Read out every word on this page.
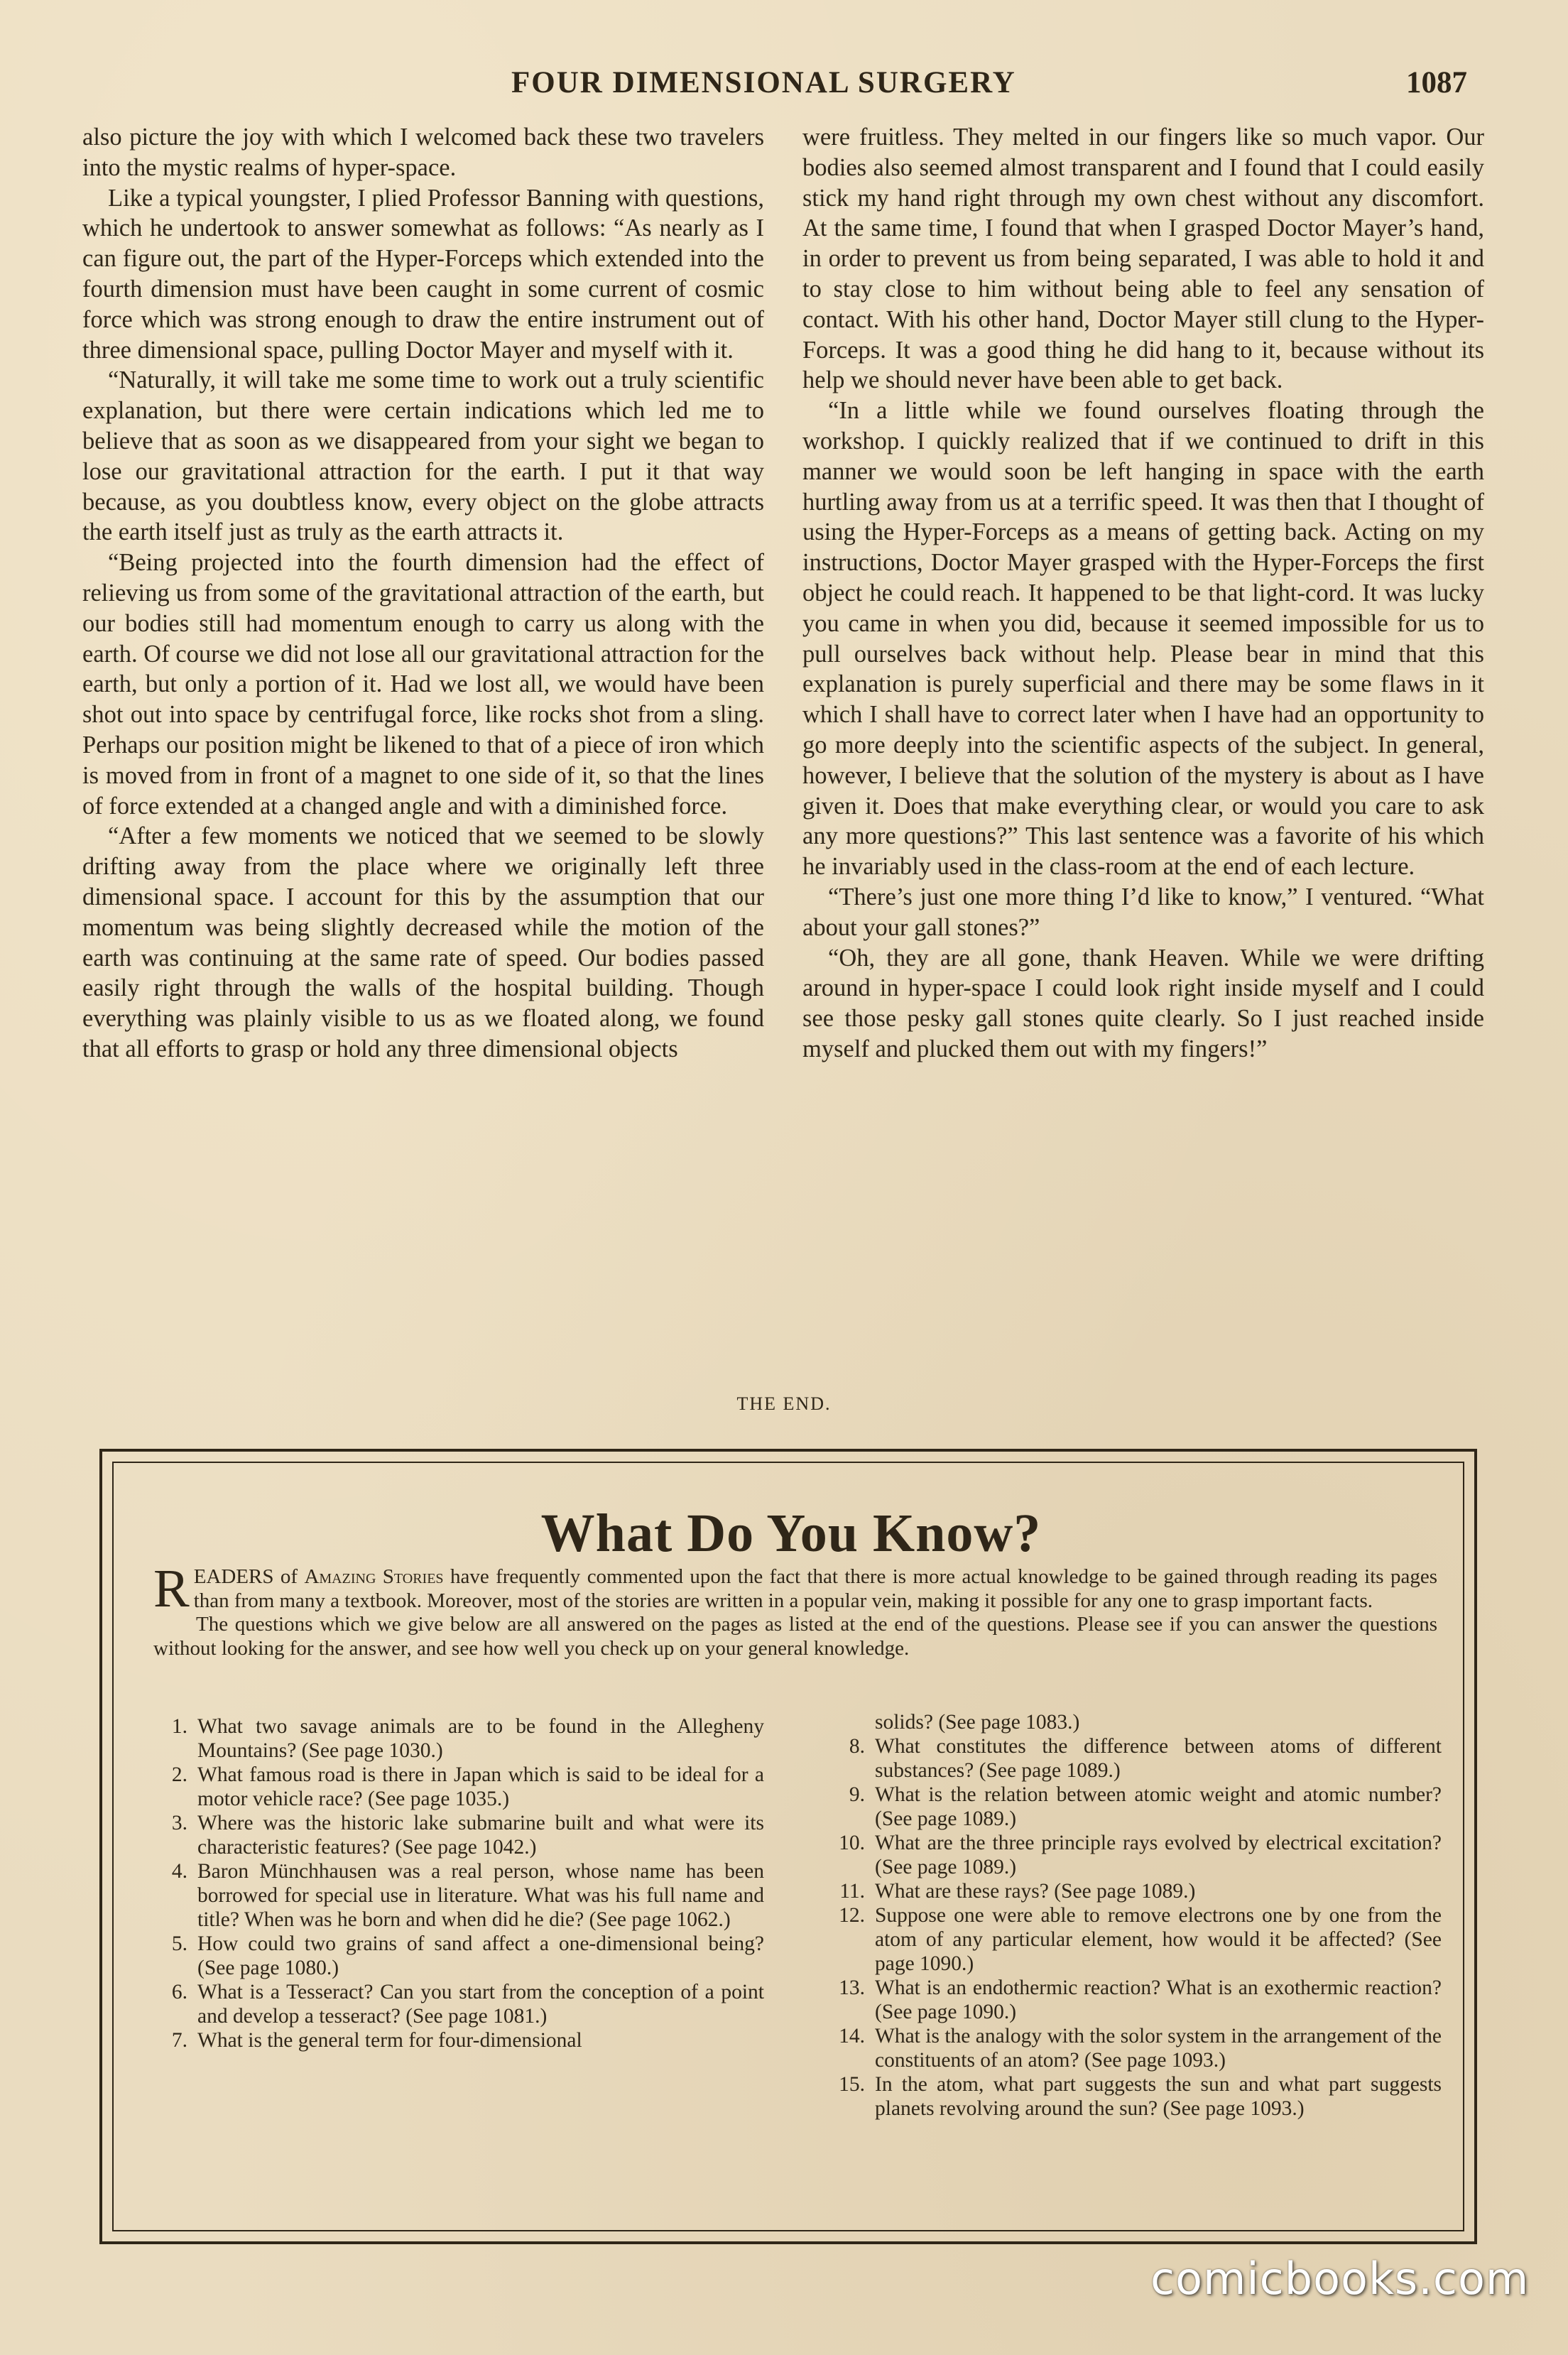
FOUR DIMENSIONAL SURGERY	1087

also picture the joy with which I welcomed back these two travelers into the mystic realms of hyper-space.

Like a typical youngster, I plied Professor Banning with questions, which he undertook to answer somewhat as follows: “As nearly as I can figure out, the part of the Hyper-Forceps which extended into the fourth dimension must have been caught in some current of cosmic force which was strong enough to draw the entire instrument out of three dimensional space, pulling Doctor Mayer and myself with it.

“Naturally, it will take me some time to work out a truly scientific explanation, but there were certain indications which led me to believe that as soon as we disappeared from your sight we began to lose our gravitational attraction for the earth. I put it that way because, as you doubtless know, every object on the globe attracts the earth itself just as truly as the earth attracts it.

“Being projected into the fourth dimension had the effect of relieving us from some of the gravitational attraction of the earth, but our bodies still had momentum enough to carry us along with the earth. Of course we did not lose all our gravitational attraction for the earth, but only a portion of it. Had we lost all, we would have been shot out into space by centrifugal force, like rocks shot from a sling. Perhaps our position might be likened to that of a piece of iron which is moved from in front of a magnet to one side of it, so that the lines of force extended at a changed angle and with a diminished force.

“After a few moments we noticed that we seemed to be slowly drifting away from the place where we originally left three dimensional space. I account for this by the assumption that our momentum was being slightly decreased while the motion of the earth was continuing at the same rate of speed. Our bodies passed easily right through the walls of the hospital building. Though everything was plainly visible to us as we floated along, we found that all efforts to grasp or hold any three dimensional objects

were fruitless. They melted in our fingers like so much vapor. Our bodies also seemed almost transparent and I found that I could easily stick my hand right through my own chest without any discomfort. At the same time, I found that when I grasped Doctor Mayer’s hand, in order to prevent us from being separated, I was able to hold it and to stay close to him without being able to feel any sensation of contact. With his other hand, Doctor Mayer still clung to the Hyper-Forceps. It was a good thing he did hang to it, because without its help we should never have been able to get back.

“In a little while we found ourselves floating through the workshop. I quickly realized that if we continued to drift in this manner we would soon be left hanging in space with the earth hurtling away from us at a terrific speed. It was then that I thought of using the Hyper-Forceps as a means of getting back. Acting on my instructions, Doctor Mayer grasped with the Hyper-Forceps the first object he could reach. It happened to be that light-cord. It was lucky you came in when you did, because it seemed impossible for us to pull ourselves back without help. Please bear in mind that this explanation is purely superficial and there may be some flaws in it which I shall have to correct later when I have had an opportunity to go more deeply into the scientific aspects of the subject. In general, however, I believe that the solution of the mystery is about as I have given it. Does that make everything clear, or would you care to ask any more questions?” This last sentence was a favorite of his which he invariably used in the class-room at the end of each lecture.

“There’s just one more thing I’d like to know,” I ventured. “What about your gall stones?”

“Oh, they are all gone, thank Heaven. While we were drifting around in hyper-space I could look right inside myself and I could see those pesky gall stones quite clearly. So I just reached inside myself and plucked them out with my fingers!”

THE END.
What Do You Know?

READERS of Amazing Stories have frequently commented upon the fact that there is more actual knowledge to be gained through reading its pages than from many a textbook. Moreover, most of the stories are written in a popular vein, making it possible for any one to grasp important facts.

The questions which we give below are all answered on the pages as listed at the end of the questions. Please see if you can answer the questions without looking for the answer, and see how well you check up on your general knowledge.

1. What two savage animals are to be found in the Allegheny Mountains? (See page 1030.)
2. What famous road is there in Japan which is said to be ideal for a motor vehicle race? (See page 1035.)
3. Where was the historic lake submarine built and what were its characteristic features? (See page 1042.)
4. Baron Münchhausen was a real person, whose name has been borrowed for special use in literature. What was his full name and title? When was he born and when did he die? (See page 1062.)
5. How could two grains of sand affect a one-dimensional being? (See page 1080.)
6. What is a Tesseract? Can you start from the conception of a point and develop a tesseract? (See page 1081.)
7. What is the general term for four-dimensional
solids? (See page 1083.)
8. What constitutes the difference between atoms of different substances? (See page 1089.)
9. What is the relation between atomic weight and atomic number? (See page 1089.)
10. What are the three principle rays evolved by electrical excitation? (See page 1089.)
11. What are these rays? (See page 1089.)
12. Suppose one were able to remove electrons one by one from the atom of any particular element, how would it be affected? (See page 1090.)
13. What is an endothermic reaction? What is an exothermic reaction? (See page 1090.)
14. What is the analogy with the solor system in the arrangement of the constituents of an atom? (See page 1093.)
15. In the atom, what part suggests the sun and what part suggests planets revolving around the sun? (See page 1093.)
comicbooks.com
